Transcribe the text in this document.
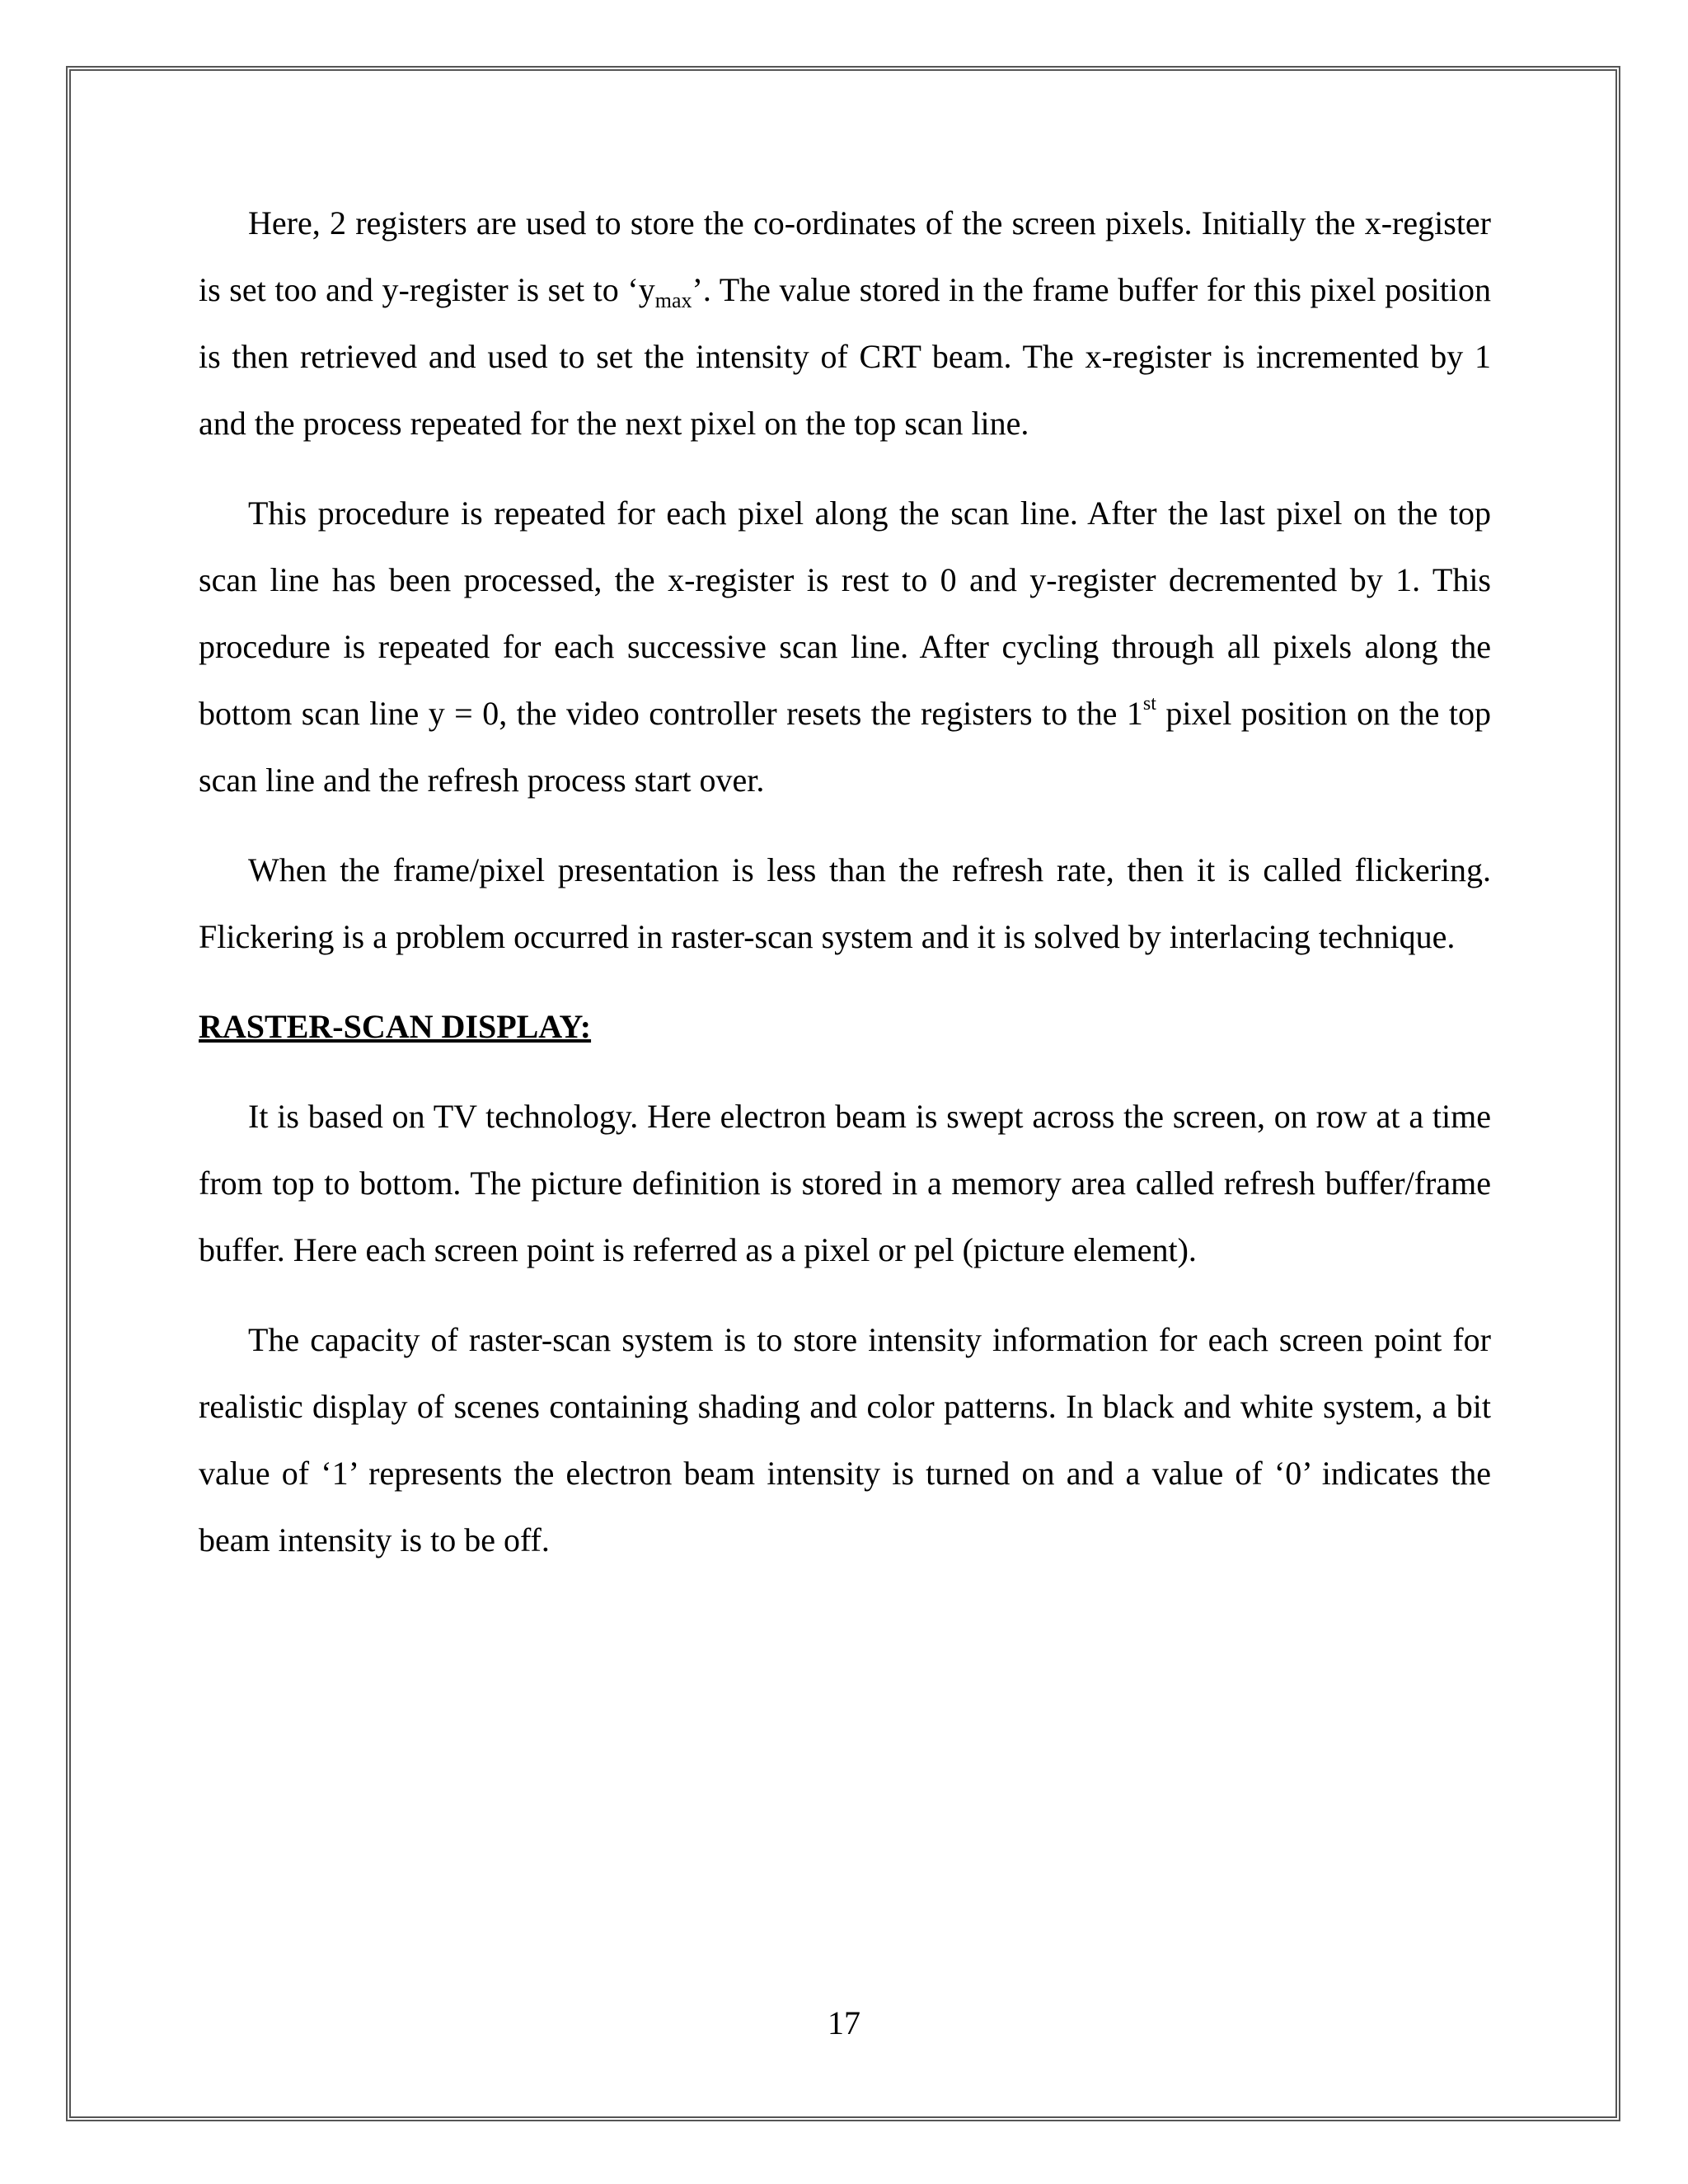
Here, 2 registers are used to store the co-ordinates of the screen pixels. Initially the x-register is set too and y-register is set to ‘$y_{max}$’. The value stored in the frame buffer for this pixel position is then retrieved and used to set the intensity of CRT beam. The x-register is incremented by 1 and the process repeated for the next pixel on the top scan line.

This procedure is repeated for each pixel along the scan line. After the last pixel on the top scan line has been processed, the x-register is rest to 0 and y-register decremented by 1. This procedure is repeated for each successive scan line. After cycling through all pixels along the bottom scan line y = 0, the video controller resets the registers to the 1st pixel position on the top scan line and the refresh process start over.

When the frame/pixel presentation is less than the refresh rate, then it is called flickering. Flickering is a problem occurred in raster-scan system and it is solved by interlacing technique.

RASTER-SCAN DISPLAY:

It is based on TV technology. Here electron beam is swept across the screen, on row at a time from top to bottom. The picture definition is stored in a memory area called refresh buffer/frame buffer. Here each screen point is referred as a pixel or pel (picture element).

The capacity of raster-scan system is to store intensity information for each screen point for realistic display of scenes containing shading and color patterns. In black and white system, a bit value of ‘1’ represents the electron beam intensity is turned on and a value of ‘0’ indicates the beam intensity is to be off.

17
